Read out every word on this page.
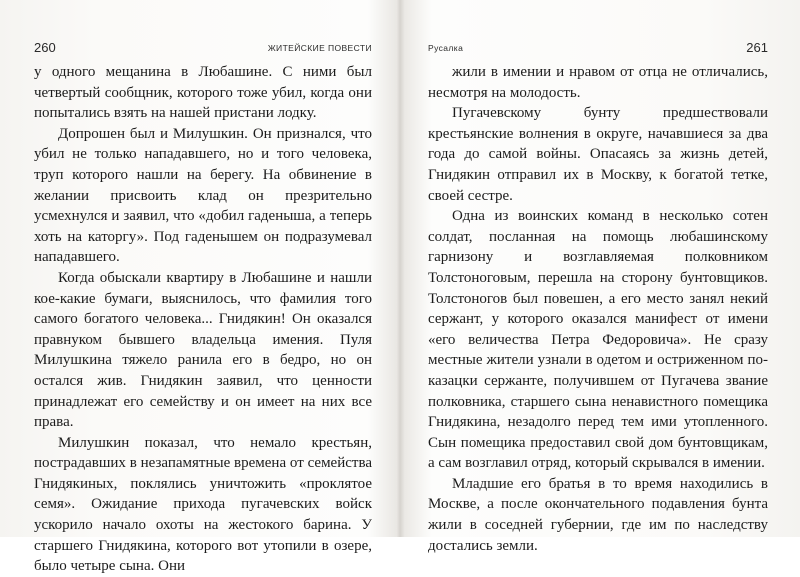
260	ЖИТЕЙСКИЕ ПОВЕСТИ

у одного мещанина в Любашине. С ними был четвертый сообщник, которого тоже убил, когда они попытались взять на нашей пристани лодку.

Допрошен был и Милушкин. Он признался, что убил не только нападавшего, но и того человека, труп которого нашли на берегу. На обвинение в желании присвоить клад он презрительно усмехнулся и заявил, что «добил гаденыша, а теперь хоть на каторгу». Под гаденышем он подразумевал нападавшего.

Когда обыскали квартиру в Любашине и нашли кое-какие бумаги, выяснилось, что фамилия того самого богатого человека... Гнидякин! Он оказался правнуком бывшего владельца имения. Пуля Милушкина тяжело ранила его в бедро, но он остался жив. Гнидякин заявил, что ценности принадлежат его семейству и он имеет на них все права.

Милушкин показал, что немало крестьян, пострадавших в незапамятные времена от семейства Гнидякиных, поклялись уничтожить «проклятое семя». Ожидание прихода пугачевских войск ускорило начало охоты на жестокого барина. У старшего Гнидякина, которого вот утопили в озере, было четыре сына. Они

Русалка	261

жили в имении и нравом от отца не отличались, несмотря на молодость.

Пугачевскому бунту предшествовали крестьянские волнения в округе, начавшиеся за два года до самой войны. Опасаясь за жизнь детей, Гнидякин отправил их в Москву, к богатой тетке, своей сестре.

Одна из воинских команд в несколько сотен солдат, посланная на помощь любашинскому гарнизону и возглавляемая полковником Толстоноговым, перешла на сторону бунтовщиков. Толстоногов был повешен, а его место занял некий сержант, у которого оказался манифест от имени «его величества Петра Федоровича». Не сразу местные жители узнали в одетом и остриженном по-казацки сержанте, получившем от Пугачева звание полковника, старшего сына ненавистного помещика Гнидякина, незадолго перед тем ими утопленного. Сын помещика предоставил свой дом бунтовщикам, а сам возглавил отряд, который скрывался в имении.

Младшие его братья в то время находились в Москве, а после окончательного подавления бунта жили в соседней губернии, где им по наследству достались земли.
